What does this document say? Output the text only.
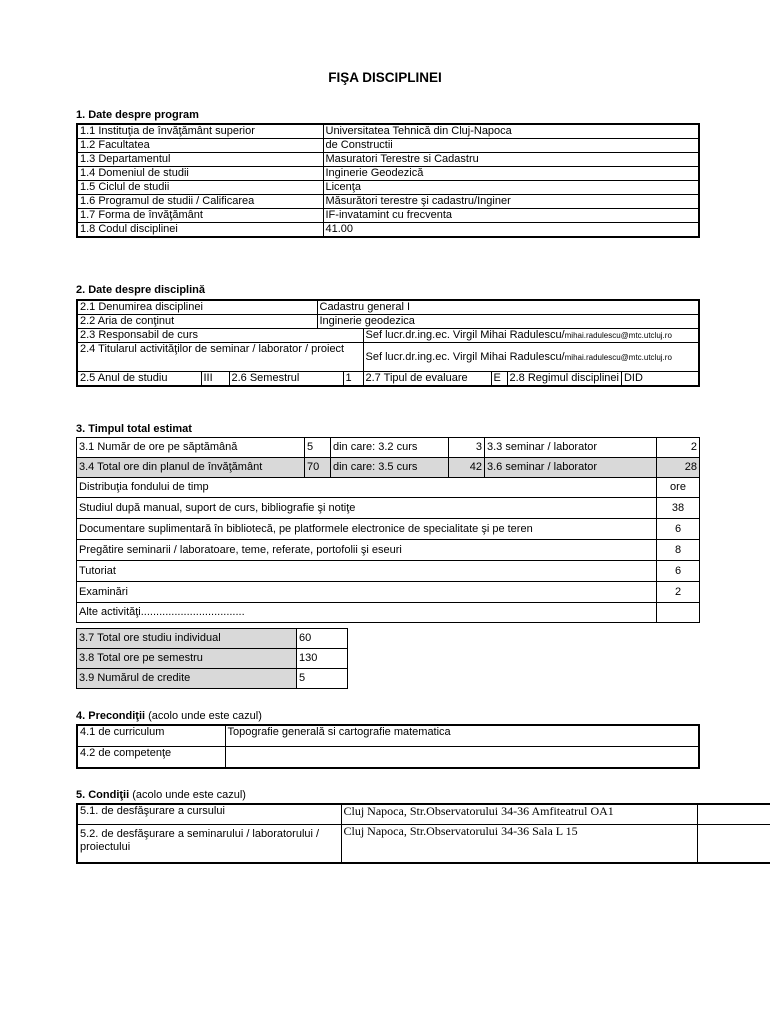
FIŞA DISCIPLINEI
1. Date despre program
1.1 Instituţia de învăţământ superior	Universitatea Tehnică din Cluj-Napoca
1.2 Facultatea	de Constructii
1.3 Departamentul	Masuratori Terestre si Cadastru
1.4 Domeniul de studii	Inginerie Geodezică
1.5 Ciclul de studii	Licenţa
1.6 Programul de studii / Calificarea	Măsurători terestre şi cadastru/Inginer
1.7 Forma de învăţământ	IF-invatamint cu frecventa
1.8 Codul disciplinei	41.00
2. Date despre disciplină
2.1 Denumirea disciplinei			Cadastru general I					
2.2 Aria de conţinut			Inginerie geodezica					
2.3 Responsabil de curs					Sef lucr.dr.ing.ec. Virgil Mihai Radulescu/mihai.radulescu@mtc.utcluj.ro			
2.4 Titularul activităţilor de seminar / laborator / proiect					Sef lucr.dr.ing.ec. Virgil Mihai Radulescu/mihai.radulescu@mtc.utcluj.ro			
2.5 Anul de studiu	III	2.6 Semestrul		1	2.7 Tipul de evaluare	E	2.8 Regimul disciplinei	DID
3. Timpul total estimat
3.1 Număr de ore pe săptămână	5	din care: 3.2 curs	3	3.3 seminar / laborator	2
3.4 Total ore din planul de învăţământ	70	din care: 3.5 curs	42	3.6 seminar / laborator	28
Distribuţia fondului de timp					ore
Studiul după manual, suport de curs, bibliografie şi notiţe					38
Documentare suplimentară în bibliotecă, pe platformele electronice de specialitate şi pe teren					6
Pregătire seminarii / laboratoare, teme, referate, portofolii şi eseuri					8
Tutoriat					6
Examinări					2
Alte activităţi..................................					
3.7 Total ore studiu individual	60
3.8 Total ore pe semestru	130
3.9 Numărul de credite	5
4. Precondiţii (acolo unde este cazul)
4.1 de curriculum	Topografie generală si cartografie matematica
4.2 de competenţe	
5. Condiţii (acolo unde este cazul)
5.1. de desfăşurare a cursului	Cluj Napoca, Str.Observatorului 34-36 Amfiteatrul OA1	
5.2. de desfăşurare a seminarului / laboratorului / proiectului	Cluj Napoca, Str.Observatorului 34-36 Sala L 15	
